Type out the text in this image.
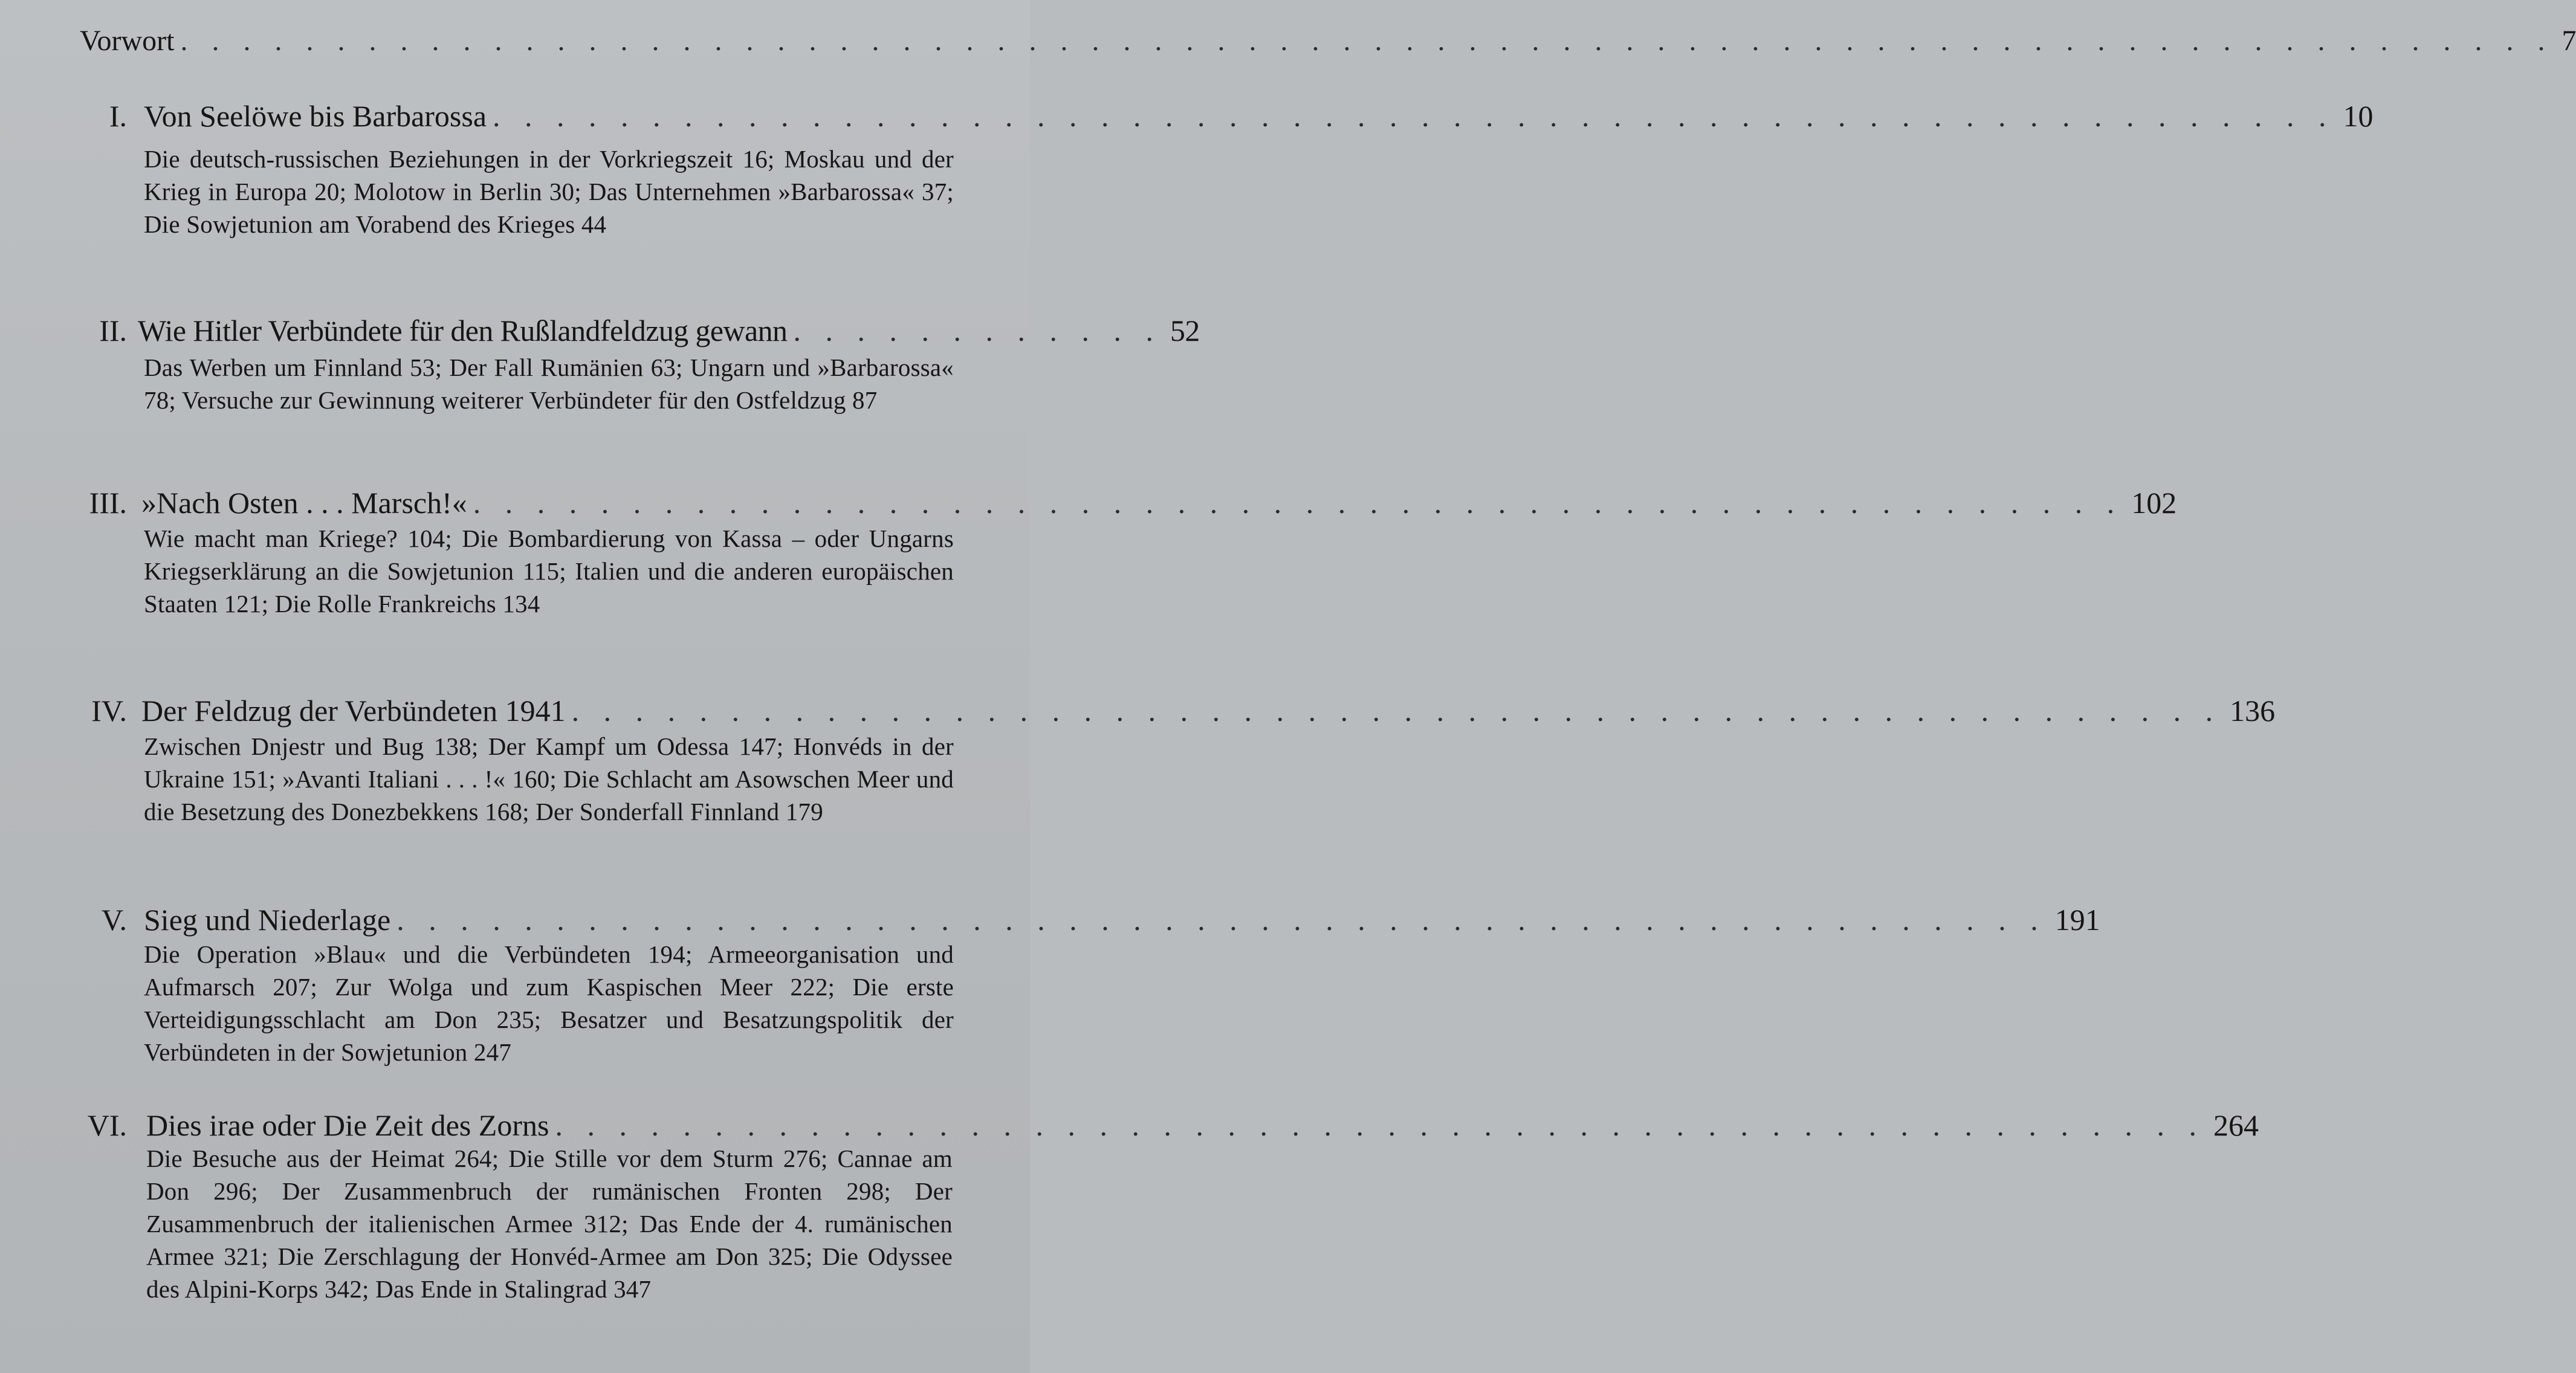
Vorwort . . . . . . . . . . . . . . . . . . . . . . . . . . . . . . . . . . . . . . . . . . . . . . . . . . . . . . . . . . . . . . . . . . . . . . . . . . . . 7
I. Von Seelöwe bis Barbarossa . . . . . . . . . . . . . . . . . . . . . . . . . . . . . . . . . . . . . . . . . . . . . . . . . . . . . . . . . . 10
Die deutsch-russischen Beziehungen in der Vorkriegszeit 16; Moskau und der Krieg in Europa 20; Molotow in Berlin 30; Das Unternehmen »Barbarossa« 37; Die Sowjetunion am Vorabend des Krieges 44
II. Wie Hitler Verbündete für den Rußlandfeldzug gewann . . . . . . . . . . . . 52
Das Werben um Finnland 53; Der Fall Rumänien 63; Ungarn und »Barbarossa« 78; Versuche zur Gewinnung weiterer Verbündeter für den Ostfeldzug 87
III. »Nach Osten . . . Marsch!« . . . . . . . . . . . . . . . . . . . . . . . . . . . . . . . . . . . . . . . . . . . . . . . . . . . . 102
Wie macht man Kriege? 104; Die Bombardierung von Kassa – oder Ungarns Kriegserklärung an die Sowjetunion 115; Italien und die anderen europäischen Staaten 121; Die Rolle Frankreichs 134
IV. Der Feldzug der Verbündeten 1941 . . . . . . . . . . . . . . . . . . . . . . . . . . . . . . . . . . . . . . . . . . . . . . . . . . . . 136
Zwischen Dnjestr und Bug 138; Der Kampf um Odessa 147; Honvéds in der Ukraine 151; »Avanti Italiani . . . !« 160; Die Schlacht am Asowschen Meer und die Besetzung des Donezbekkens 168; Der Sonderfall Finnland 179
V. Sieg und Niederlage . . . . . . . . . . . . . . . . . . . . . . . . . . . . . . . . . . . . . . . . . . . . . . . . . . . . 191
Die Operation »Blau« und die Verbündeten 194; Armeeorganisation und Aufmarsch 207; Zur Wolga und zum Kaspischen Meer 222; Die erste Verteidigungsschlacht am Don 235; Besatzer und Besatzungspolitik der Verbündeten in der Sowjetunion 247
VI. Dies irae oder Die Zeit des Zorns . . . . . . . . . . . . . . . . . . . . . . . . . . . . . . . . . . . . . . . . . . . . . . . . . . . . 264
Die Besuche aus der Heimat 264; Die Stille vor dem Sturm 276; Cannae am Don 296; Der Zusammenbruch der rumänischen Fronten 298; Der Zusammenbruch der italienischen Armee 312; Das Ende der 4. rumänischen Armee 321; Die Zerschlagung der Honvéd-Armee am Don 325; Die Odyssee des Alpini-Korps 342; Das Ende in Stalingrad 347
